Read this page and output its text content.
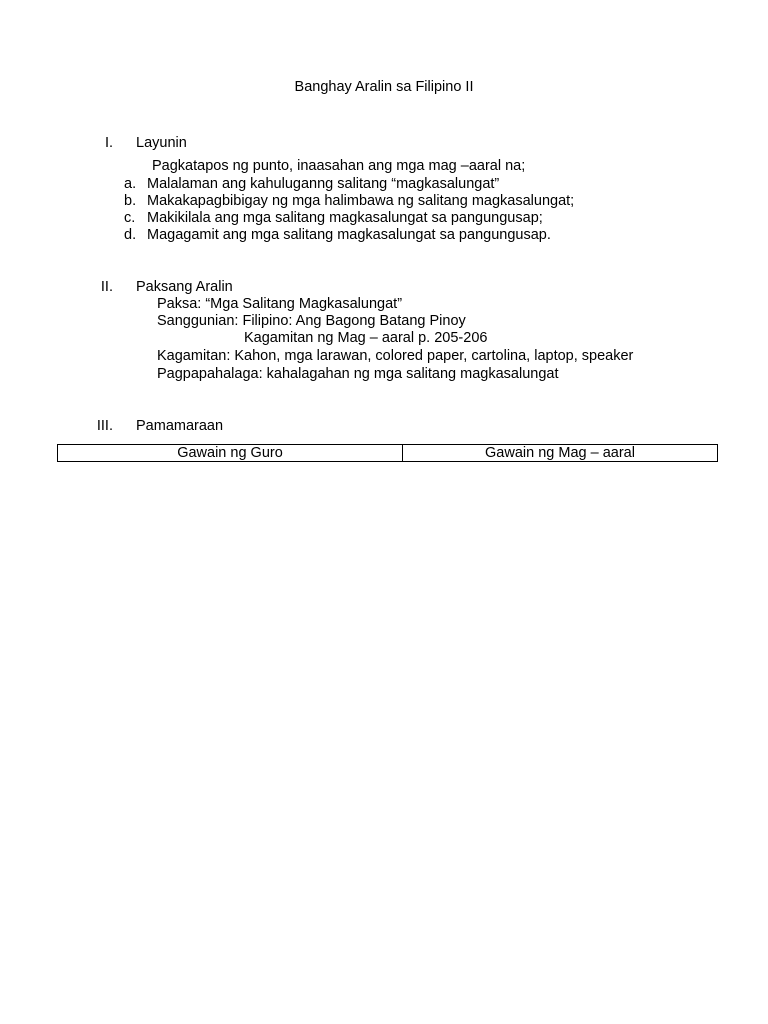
Banghay Aralin sa Filipino II
I. Layunin
Pagkatapos ng punto, inaasahan ang mga mag –aaral na;
a. Malalaman ang kahuluganng salitang “magkasalungat”
b. Makakapagbibigay ng mga halimbawa ng salitang magkasalungat;
c. Makikilala ang mga salitang magkasalungat sa pangungusap;
d. Magagamit ang mga salitang magkasalungat sa pangungusap.
II. Paksang Aralin
Paksa: “Mga Salitang Magkasalungat”
Sanggunian: Filipino: Ang Bagong Batang Pinoy
Kagamitan ng Mag – aaral p. 205-206
Kagamitan: Kahon, mga larawan, colored paper, cartolina, laptop, speaker
Pagpapahalaga: kahalagahan ng mga salitang magkasalungat
III. Pamamaraan
Gawain ng Guro	Gawain ng Mag – aaral
